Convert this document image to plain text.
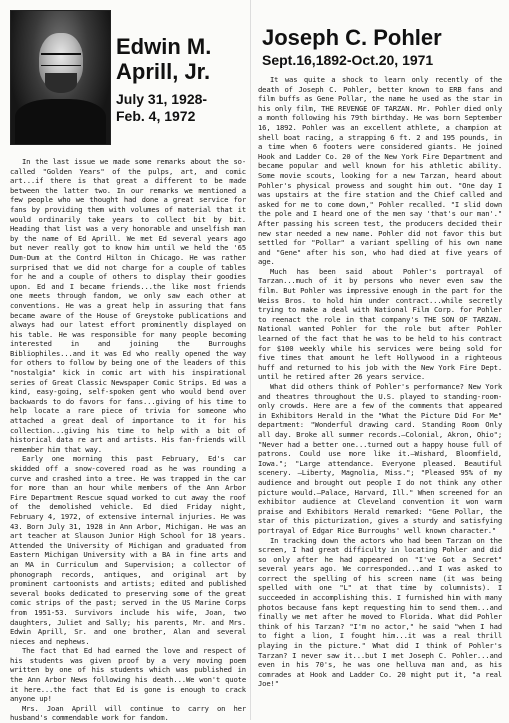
Edwin M. Aprill, Jr.
July 31, 1928-
Feb. 4, 1972

In the last issue we made some remarks about the so-called "Golden Years" of the pulps, art, and comic art...if there is that great a different to be made between the latter two. In our remarks we mentioned a few people who we thought had done a great service for fans by providing them with volumes of material that it would ordinarily take years to collect bit by bit. Heading that list was a very honorable and unselfish man by the name of Ed Aprill. We met Ed several years ago but never really got to know him until we held the '65 Dum-Dum at the Contrd Hilton in Chicago. He was rather surprised that we did not charge for a couple of tables for he and a couple of others to display their goodies upon. Ed and I became friends...the like most friends one meets through fandom, we only saw each other at conventions. He was a great help in assuring that fans became aware of the House of Greystoke publications and always had our latest effort prominently displayed on his table. He was responsible for many people becoming interested in and joining the Burroughs Bibliophiles...and it was Ed who really opened the way for others to follow by being one of the leaders of this "nostalgia" kick in comic art with his inspirational series of Great Classic Newspaper Comic Strips. Ed was a kind, easy-going, self-spoken gent who would bend over backwards to do favors for fans...giving of his time to help locate a rare piece of trivia for someone who attached a great deal of importance to it for his collection...giving his time to help with a bit of historical data re art and artists. His fan-friends will remember him that way.

Early one morning this past February, Ed's car skidded off a snow-covered road as he was rounding a curve and crashed into a tree. He was trapped in the car for more than an hour while members of the Ann Arbor Fire Department Rescue squad worked to cut away the roof of the demolished vehicle. Ed died Friday night, February 4, 1972, of extensive internal injuries. He was 43. Born July 31, 1928 in Ann Arbor, Michigan. He was an art teacher at Slauson Junior High School for 18 years. Attended the University of Michigan and graduated from Eastern Michigan University with a BA in fine arts and an MA in Curriculum and Supervision; a collector of phonograph records, antiques, and original art by prominent cartoonists and artists; edited and published several books dedicated to preserving some of the great comic strips of the past; served in the US Marine Corps from 1951-53. Survivors include his wife, Joan, two daughters, Juliet and Sally; his parents, Mr. and Mrs. Edwin Aprill, Sr. and one brother, Alan and several nieces and nephews.

The fact that Ed had earned the love and respect of his students was given proof by a very moving poem written by one of his students which was published in the Ann Arbor News following his death...We won't quote it here...the fact that Ed is gone is enough to crack anyone up!

Mrs. Joan Aprill will continue to carry on her husband's commendable work for fandom.

Joseph C. Pohler
Sept.16,1892-Oct.20, 1971

It was quite a shock to learn only recently of the death of Joseph C. Pohler, better known to ERB fans and film buffs as Gene Pollar, the name he used as the star in his only film, THE REVENGE OF TARZAN. Mr. Pohler died only a month following his 79th birthday. He was born September 16, 1892. Pohler was an excellent athlete, a champion at shell boat racing, a strapping 6 ft. 2 and 195 pounds, in a time when 6 footers were considered giants. He joined Hook and Ladder Co. 20 of the New York Fire Department and became popular and well known for his athletic ability. Some movie scouts, looking for a new Tarzan, heard about Pohler's physical prowess and sought him out. "One day I was upstairs at the fire station and the Chief called and asked for me to come down," Pohler recalled. "I slid down the pole and I heard one of the men say 'that's our man'." After passing his screen test, the producers decided their new star needed a new name. Pohler did not favor this but settled for "Pollar" a variant spelling of his own name and "Gene" after his son, who had died at five years of age.

Much has been said about Pohler's portrayal of Tarzan...much of it by persons who never even saw the film. But Pohler was impressive enough in the part for the Weiss Bros. to hold him under contract...while secretly trying to make a deal with National Film Corp. for Pohler to reenact the role in that company's THE SON OF TARZAN. National wanted Pohler for the role but after Pohler learned of the fact that he was to be held to his contract for $100 weekly while his services were being sold for five times that amount he left Hollywood in a righteous huff and returned to his job with the New York Fire Dept. until he retired after 26 years service.

What did others think of Pohler's performance? New York and theatres throughout the U.S. played to standing-room-only crowds. Here are a few of the comments that appeared in Exhibitors Herald in the "What the Picture Did For Me" department: "Wonderful drawing card. Standing Room Only all day. Broke all summer records.—Colonial, Akron, Ohio"; "Never had a better one...turned out a happy house full of patrons. Could use more like it.—Wishard, Bloomfield, Iowa."; "Large attendance. Everyone pleased. Beautiful scenery. —Liberty, Magnolia, Miss."; "Pleased 95% of my audience and brought out people I do not think any other picture would.—Palace, Harvard, Ill." When screened for an exhibitor audience at Cleveland convention it won warm praise and Exhibitors Herald remarked: "Gene Pollar, the star of this picturization, gives a sturdy and satisfying portrayal of Edgar Rice Burroughs' well known character."

In tracking down the actors who had been Tarzan on the screen, I had great difficulty in locating Pohler and did so only after he had appeared on "I've Got a Secret" several years ago. We corresponded...and I was asked to correct the spelling of his screen name (it was being spelled with one "L" at that time by columnists). I succeeded in accomplishing this. I furnished him with many photos because fans kept requesting him to send them...and finally we met after he moved to Florida. What did Pohler think of his Tarzan? "I'm no actor," he said "when I had to fight a lion, I fought him...it was a real thrill playing in the picture." What did I think of Pohler's Tarzan? I never saw it...but I met Joseph C. Pohler...and even in his 70's, he was one helluva man and, as his comrades at Hook and Ladder Co. 20 might put it, "a real Joe!"
